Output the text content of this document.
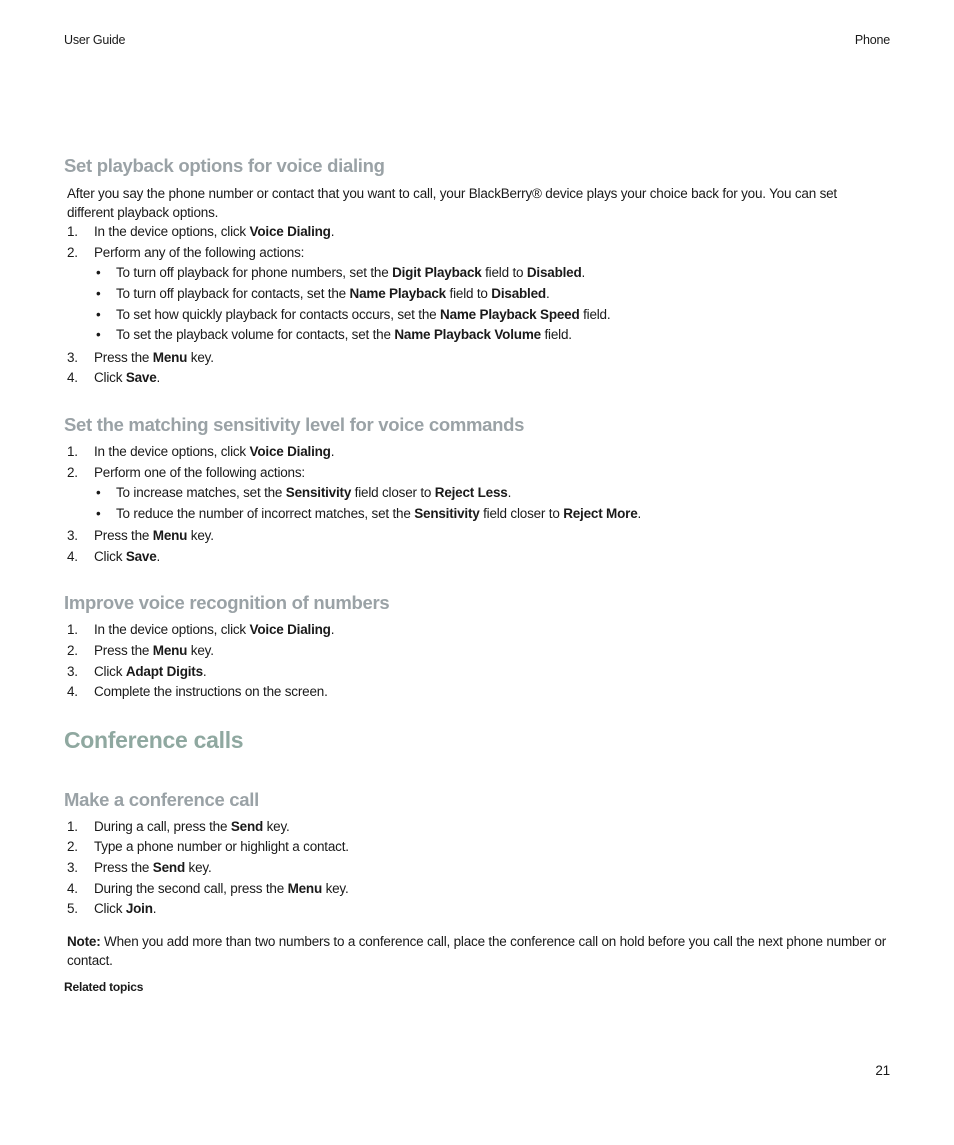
User Guide	Phone
Set playback options for voice dialing
After you say the phone number or contact that you want to call, your BlackBerry® device plays your choice back for you. You can set different playback options.
1. In the device options, click Voice Dialing.
2. Perform any of the following actions:
• To turn off playback for phone numbers, set the Digit Playback field to Disabled.
• To turn off playback for contacts, set the Name Playback field to Disabled.
• To set how quickly playback for contacts occurs, set the Name Playback Speed field.
• To set the playback volume for contacts, set the Name Playback Volume field.
3. Press the Menu key.
4. Click Save.
Set the matching sensitivity level for voice commands
1. In the device options, click Voice Dialing.
2. Perform one of the following actions:
• To increase matches, set the Sensitivity field closer to Reject Less.
• To reduce the number of incorrect matches, set the Sensitivity field closer to Reject More.
3. Press the Menu key.
4. Click Save.
Improve voice recognition of numbers
1. In the device options, click Voice Dialing.
2. Press the Menu key.
3. Click Adapt Digits.
4. Complete the instructions on the screen.
Conference calls
Make a conference call
1. During a call, press the Send key.
2. Type a phone number or highlight a contact.
3. Press the Send key.
4. During the second call, press the Menu key.
5. Click Join.
Note: When you add more than two numbers to a conference call, place the conference call on hold before you call the next phone number or contact.
Related topics
21
